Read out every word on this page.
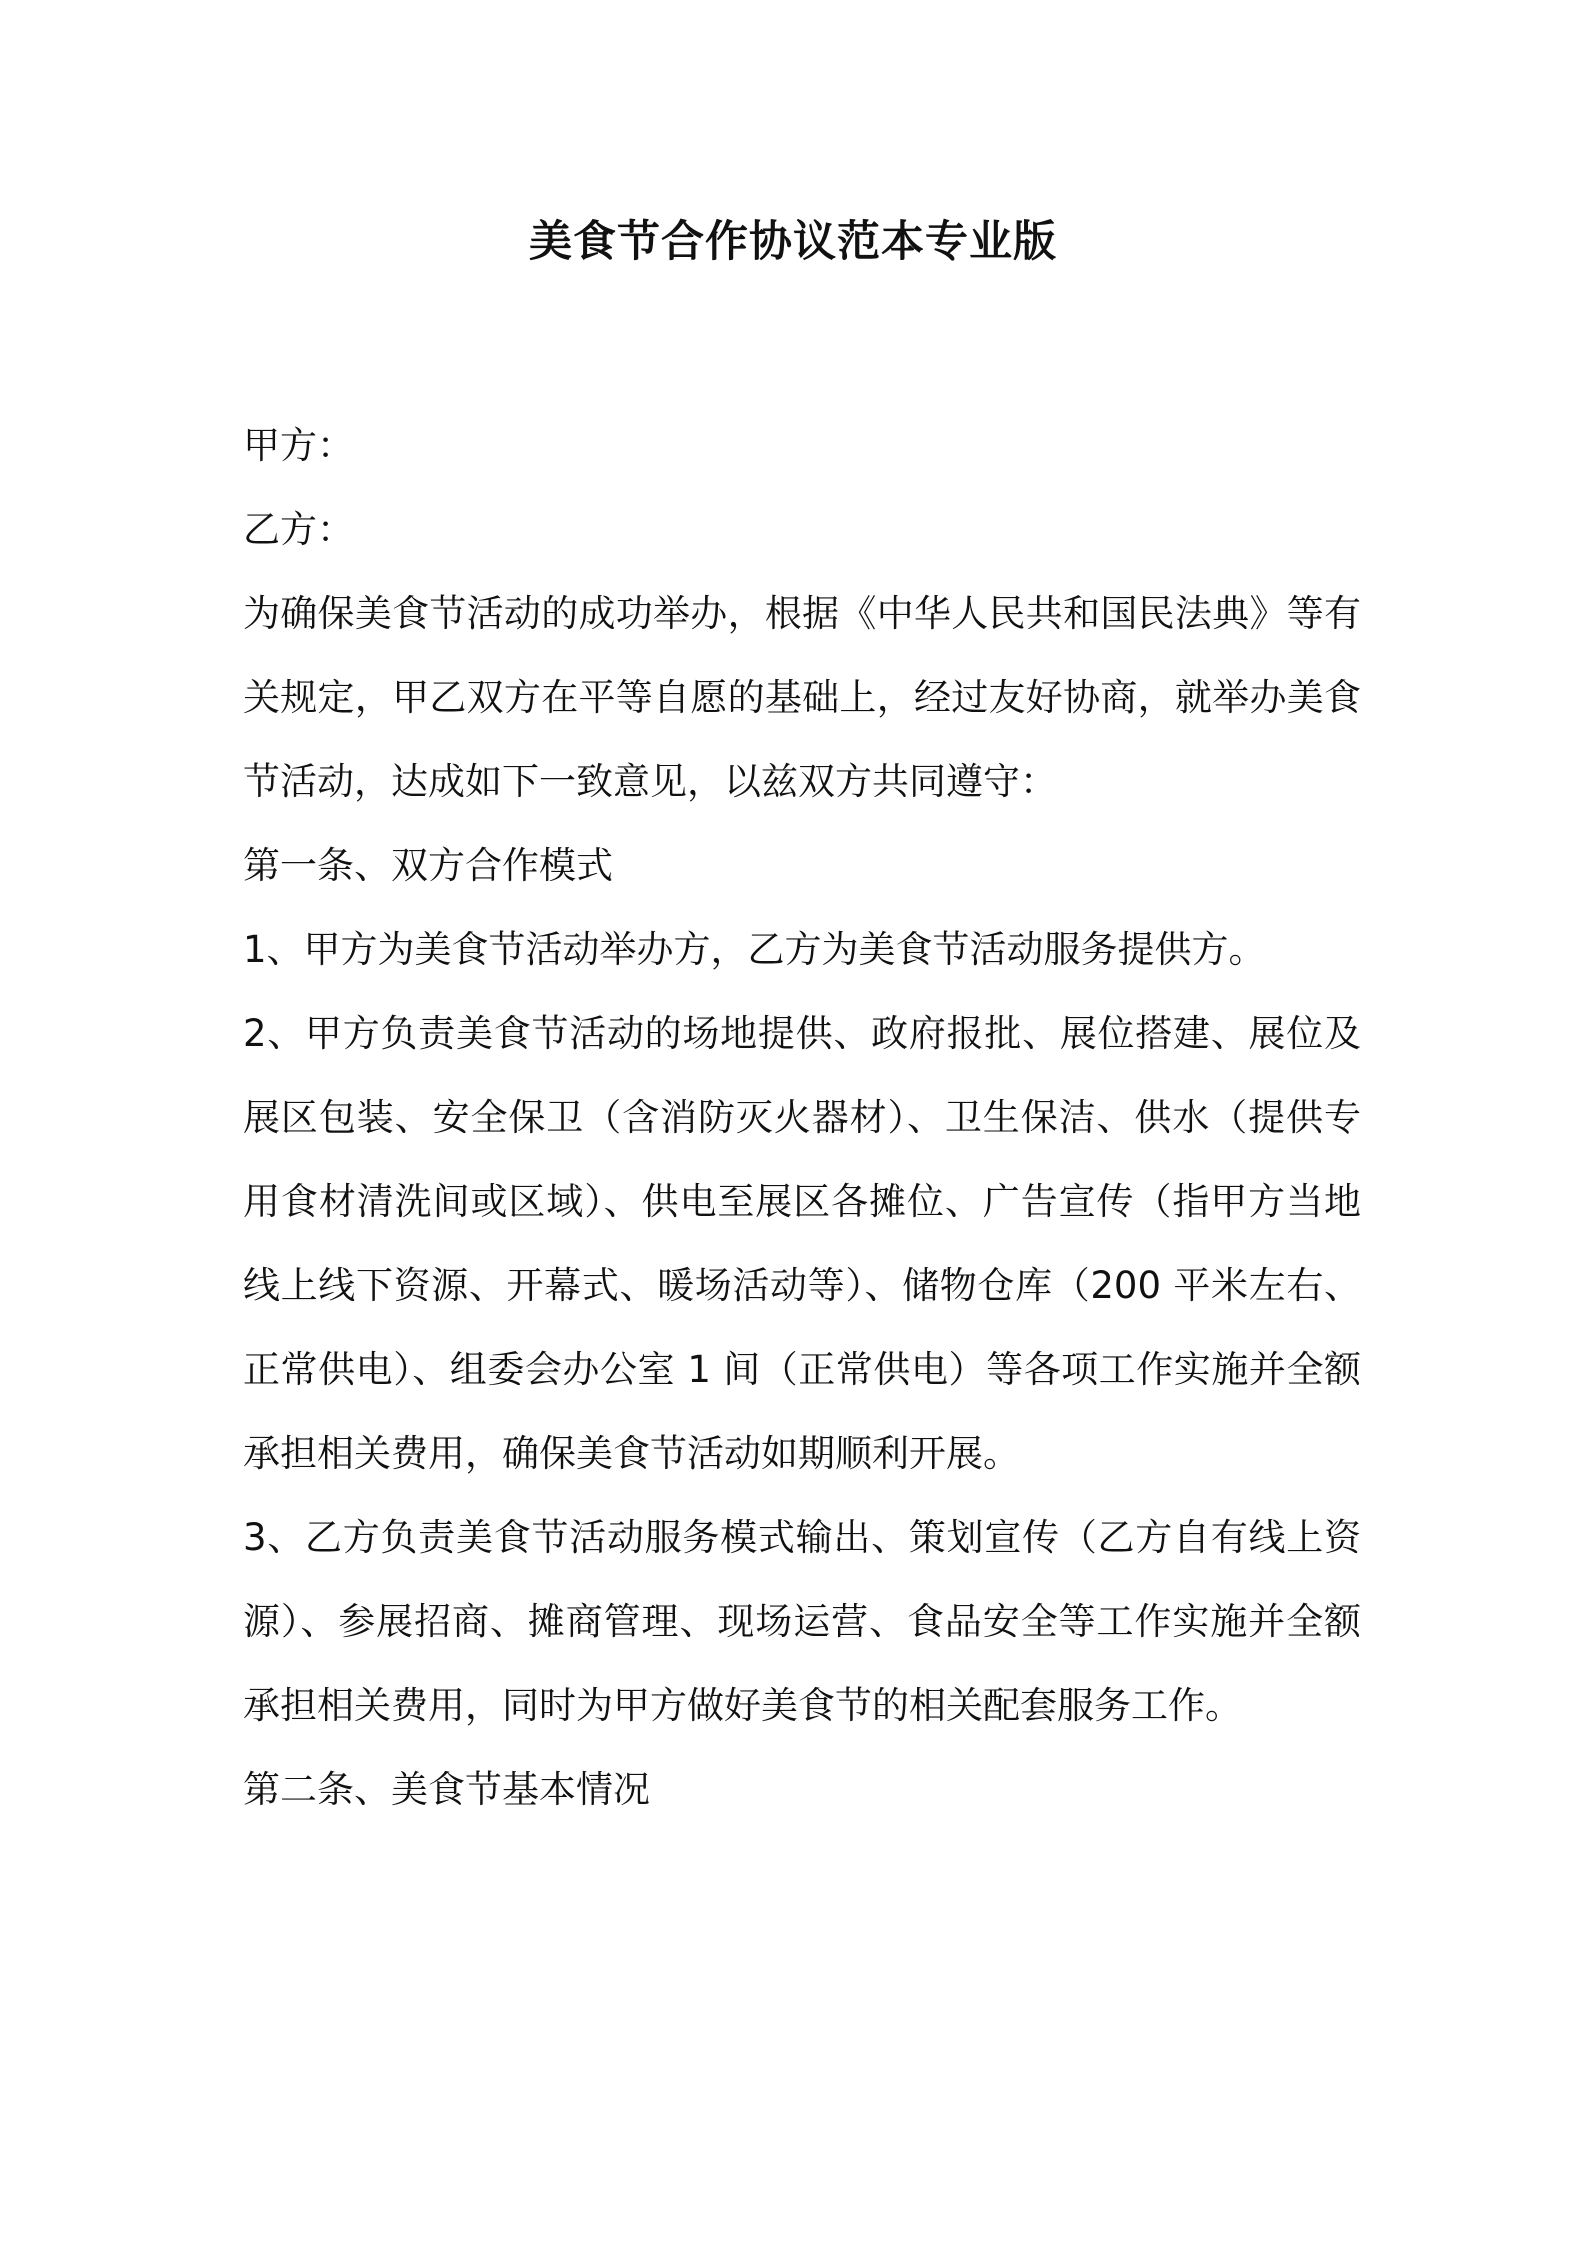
美食节合作协议范本专业版

甲方：

乙方：

为确保美食节活动的成功举办，根据《中华人民共和国民法典》等有关规定，甲乙双方在平等自愿的基础上，经过友好协商，就举办美食节活动，达成如下一致意见，以兹双方共同遵守：

第一条、双方合作模式

1、甲方为美食节活动举办方，乙方为美食节活动服务提供方。

2、甲方负责美食节活动的场地提供、政府报批、展位搭建、展位及展区包装、安全保卫（含消防灭火器材）、卫生保洁、供水（提供专用食材清洗间或区域）、供电至展区各摊位、广告宣传（指甲方当地线上线下资源、开幕式、暖场活动等）、储物仓库（200 平米左右、正常供电）、组委会办公室 1 间（正常供电）等各项工作实施并全额承担相关费用，确保美食节活动如期顺利开展。

3、乙方负责美食节活动服务模式输出、策划宣传（乙方自有线上资源）、参展招商、摊商管理、现场运营、食品安全等工作实施并全额承担相关费用，同时为甲方做好美食节的相关配套服务工作。

第二条、美食节基本情况
